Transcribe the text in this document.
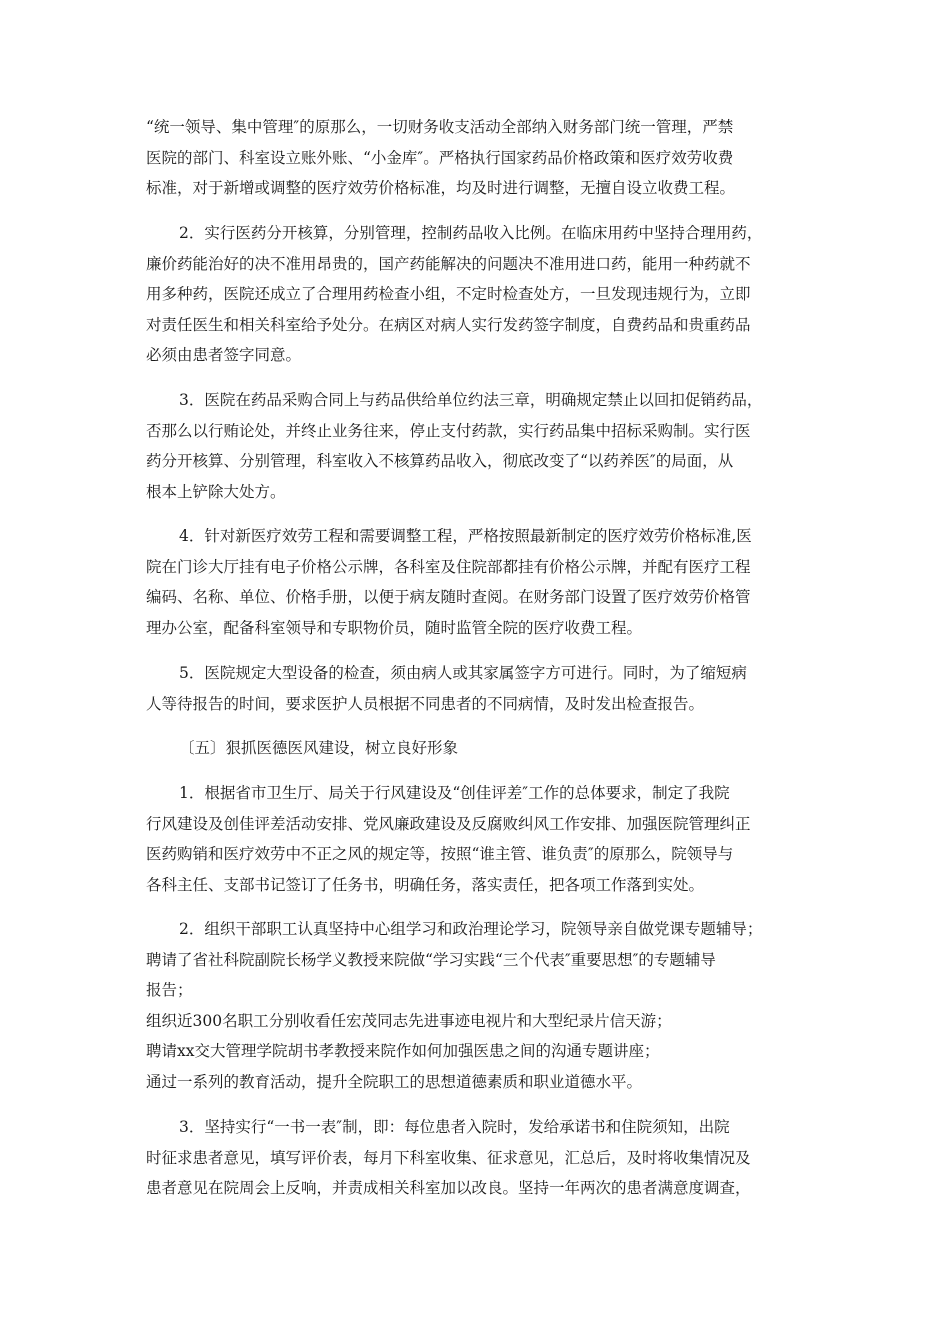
“统一领导、集中管理″的原那么，一切财务收支活动全部纳入财务部门统一管理，严禁
医院的部门、科室设立账外账、“小金库″。严格执行国家药品价格政策和医疗效劳收费
标准，对于新增或调整的医疗效劳价格标准，均及时进行调整，无擅自设立收费工程。
2．实行医药分开核算，分别管理，控制药品收入比例。在临床用药中坚持合理用药，
廉价药能治好的决不准用昂贵的，国产药能解决的问题决不准用进口药，能用一种药就不
用多种药，医院还成立了合理用药检查小组，不定时检查处方，一旦发现违规行为，立即
对责任医生和相关科室给予处分。在病区对病人实行发药签字制度，自费药品和贵重药品
必须由患者签字同意。
3．医院在药品采购合同上与药品供给单位约法三章，明确规定禁止以回扣促销药品，
否那么以行贿论处，并终止业务往来，停止支付药款，实行药品集中招标采购制。实行医
药分开核算、分别管理，科室收入不核算药品收入，彻底改变了“以药养医″的局面，从
根本上铲除大处方。
4．针对新医疗效劳工程和需要调整工程，严格按照最新制定的医疗效劳价格标准,医
院在门诊大厅挂有电子价格公示牌，各科室及住院部都挂有价格公示牌，并配有医疗工程
编码、名称、单位、价格手册，以便于病友随时查阅。在财务部门设置了医疗效劳价格管
理办公室，配备科室领导和专职物价员，随时监管全院的医疗收费工程。
5．医院规定大型设备的检查，须由病人或其家属签字方可进行。同时，为了缩短病
人等待报告的时间，要求医护人员根据不同患者的不同病情，及时发出检查报告。
〔五〕狠抓医德医风建设，树立良好形象
1．根据省市卫生厅、局关于行风建设及“创佳评差″工作的总体要求，制定了我院
行风建设及创佳评差活动安排、党风廉政建设及反腐败纠风工作安排、加强医院管理纠正
医药购销和医疗效劳中不正之风的规定等，按照“谁主管、谁负责″的原那么，院领导与
各科主任、支部书记签订了任务书，明确任务，落实责任，把各项工作落到实处。
2．组织干部职工认真坚持中心组学习和政治理论学习，院领导亲自做党课专题辅导；
聘请了省社科院副院长杨学义教授来院做“学习实践“三个代表″重要思想″的专题辅导
报告；
组织近300名职工分别收看任宏茂同志先进事迹电视片和大型纪录片信天游；
聘请xx交大管理学院胡书孝教授来院作如何加强医患之间的沟通专题讲座；
通过一系列的教育活动，提升全院职工的思想道德素质和职业道德水平。
3．坚持实行“一书一表″制，即：每位患者入院时，发给承诺书和住院须知，出院
时征求患者意见，填写评价表，每月下科室收集、征求意见，汇总后，及时将收集情况及
患者意见在院周会上反响，并责成相关科室加以改良。坚持一年两次的患者满意度调查，
